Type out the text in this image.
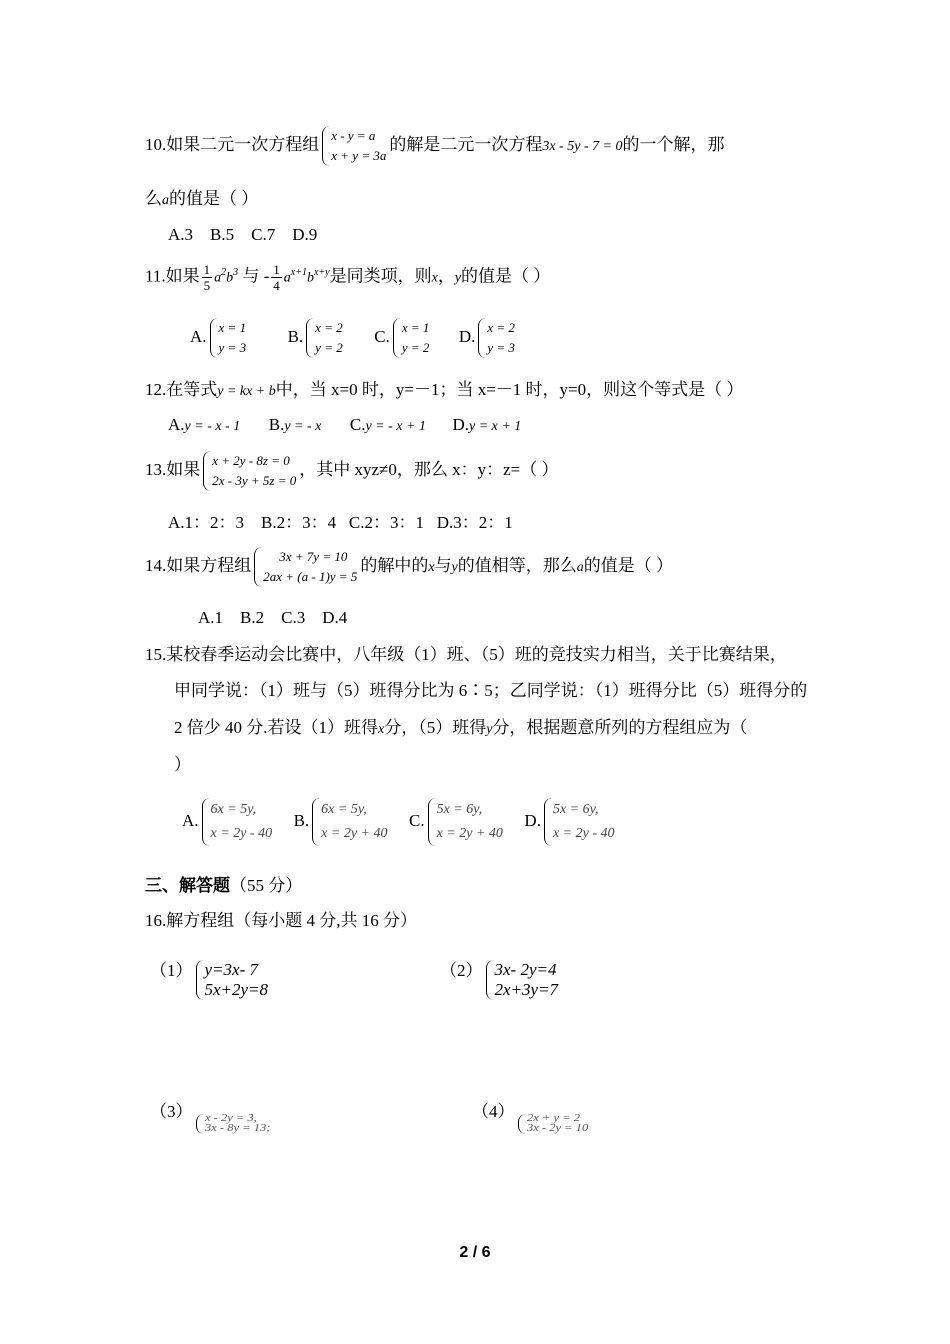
10.如果二元一次方程组 x - y = a
x + y = 3a
的解是二元一次方程3x - 5y - 7 = 0的一个解，那
么a的值是（ ）
A.3    B.5    C.7    D.9
11.如果 $\frac{1}{5} a^2b^3$ 与 - $\frac{1}{4} a^{x+1}b^{x+y}$是同类项，则x，y的值是（ ）
A. x = 1
y = 3
B. x = 2
y = 2
C. x = 1
y = 2
D. x = 2
y = 3
12.在等式y = kx + b中，当 x=0 时，y=－1；当 x=－1 时，y=0，则这个等式是（ ）
A.y = - x - 1 B.y = - x C.y = - x + 1 D.y = x + 1
13.如果 x + 2y - 8z = 0
2x - 3y + 5z = 0
，其中 xyz≠0，那么 x：y：z=（ ）
A.1：2：3    B.2：3：4   C.2：3：1   D.3：2：1
14.如果方程组	3x + 7y = 10
2ax + (a - 1)y = 5
的解中的x与y的值相等，那么a的值是（ ）
A.1    B.2    C.3    D.4
15.某校春季运动会比赛中，八年级（1）班、（5）班的竞技实力相当，关于比赛结果，
甲同学说：（1）班与（5）班得分比为 6∶5；乙同学说：（1）班得分比（5）班得分的
2 倍少 40 分.若设（1）班得x分，（5）班得y分，根据题意所列的方程组应为（
）
A.
6x = 5y,
x = 2y - 40
B.
6x = 5y,
x = 2y + 40
C.
5x = 6y,
x = 2y + 40
D.
5x = 6y,
x = 2y - 40
三、解答题（55 分）
16.解方程组（每小题 4 分,共 16 分）
（1） y=3x- 7
5x+2y=8
（2） 3x- 2y=4
2x+3y=7
（3） x - 2y = 3,
3x - 8y = 13;
（4） 2x + y = 2
3x - 2y = 10
2 / 6
